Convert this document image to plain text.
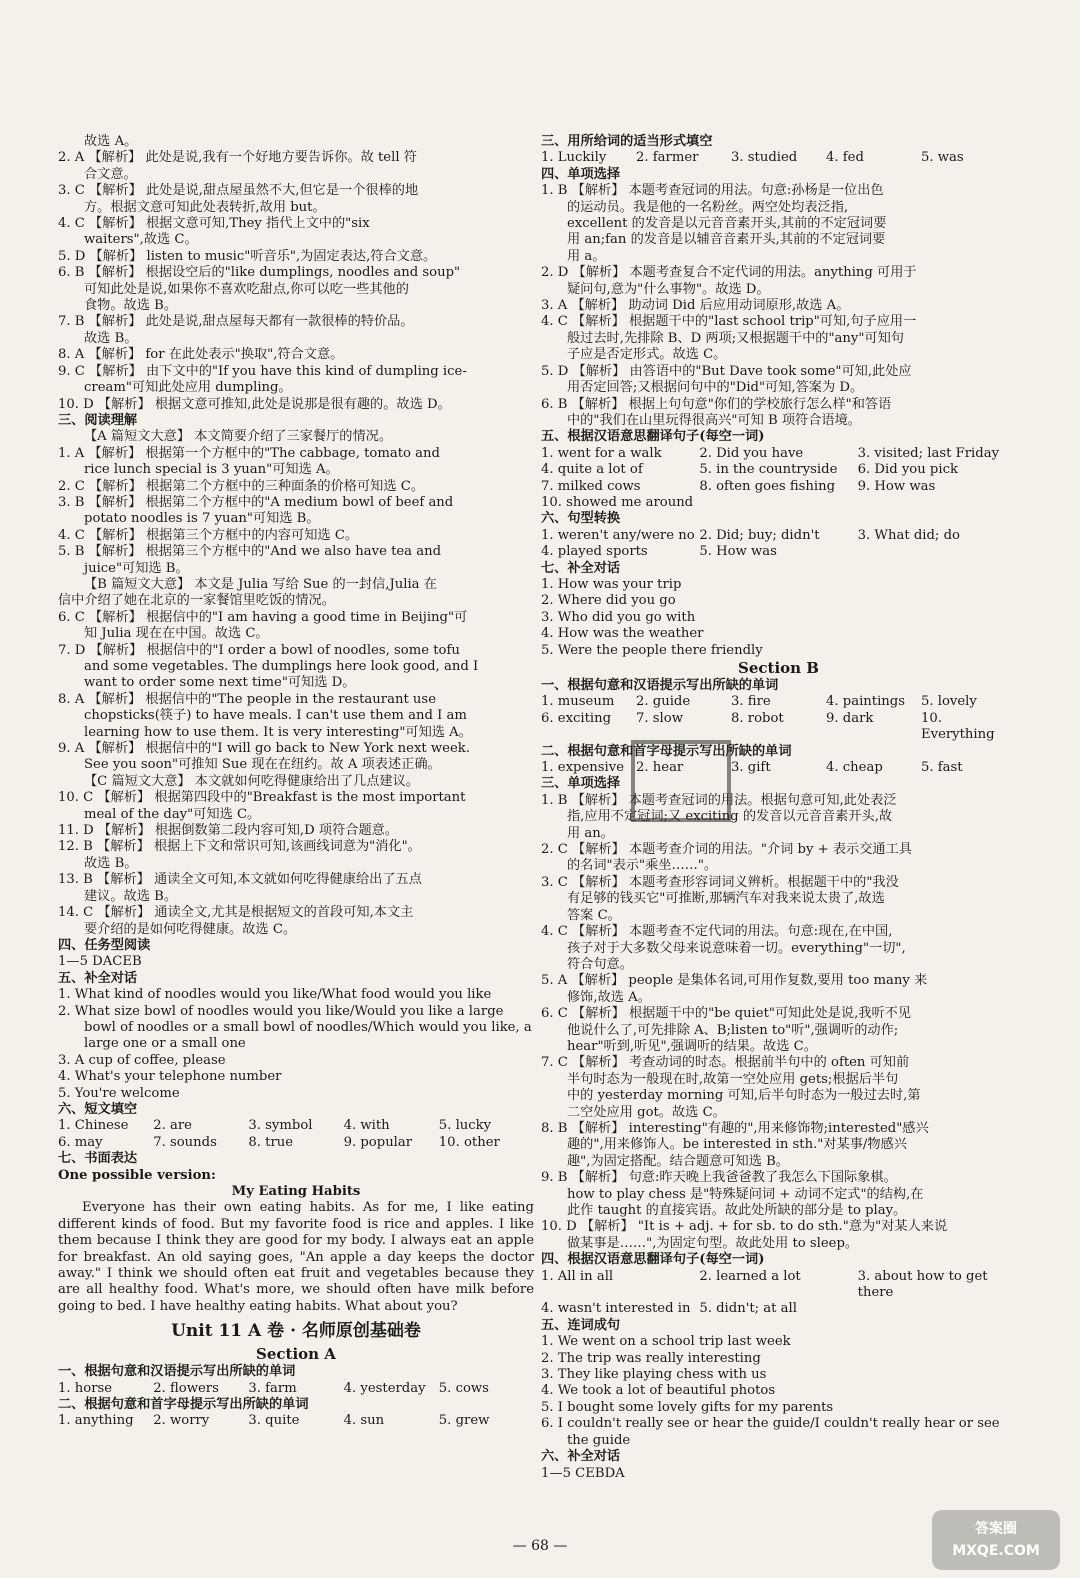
故选 A。
2. A 【解析】 此处是说,我有一个好地方要告诉你。故 tell 符
合文意。
3. C 【解析】 此处是说,甜点屋虽然不大,但它是一个很棒的地
方。根据文意可知此处表转折,故用 but。
4. C 【解析】 根据文意可知,They 指代上文中的"six
waiters",故选 C。
5. D 【解析】 listen to music"听音乐",为固定表达,符合文意。
6. B 【解析】 根据设空后的"like dumplings, noodles and soup"
可知此处是说,如果你不喜欢吃甜点,你可以吃一些其他的
食物。故选 B。
7. B 【解析】 此处是说,甜点屋每天都有一款很棒的特价品。
故选 B。
8. A 【解析】 for 在此处表示"换取",符合文意。
9. C 【解析】 由下文中的"If you have this kind of dumpling ice-
cream"可知此处应用 dumpling。
10. D 【解析】 根据文意可推知,此处是说那是很有趣的。故选 D。
三、阅读理解
【A 篇短文大意】 本文简要介绍了三家餐厅的情况。
1. A 【解析】 根据第一个方框中的"The cabbage, tomato and
rice lunch special is 3 yuan"可知选 A。
2. C 【解析】 根据第二个方框中的三种面条的价格可知选 C。
3. B 【解析】 根据第二个方框中的"A medium bowl of beef and
potato noodles is 7 yuan"可知选 B。
4. C 【解析】 根据第三个方框中的内容可知选 C。
5. B 【解析】 根据第三个方框中的"And we also have tea and
juice"可知选 B。
【B 篇短文大意】 本文是 Julia 写给 Sue 的一封信,Julia 在
信中介绍了她在北京的一家餐馆里吃饭的情况。
6. C 【解析】 根据信中的"I am having a good time in Beijing"可
知 Julia 现在在中国。故选 C。
7. D 【解析】 根据信中的"I order a bowl of noodles, some tofu
and some vegetables. The dumplings here look good, and I
want to order some next time"可知选 D。
8. A 【解析】 根据信中的"The people in the restaurant use
chopsticks(筷子) to have meals. I can't use them and I am
learning how to use them. It is very interesting"可知选 A。
9. A 【解析】 根据信中的"I will go back to New York next week.
See you soon"可推知 Sue 现在在纽约。故 A 项表述正确。
【C 篇短文大意】 本文就如何吃得健康给出了几点建议。
10. C 【解析】 根据第四段中的"Breakfast is the most important
meal of the day"可知选 C。
11. D 【解析】 根据倒数第二段内容可知,D 项符合题意。
12. B 【解析】 根据上下文和常识可知,该画线词意为"消化"。
故选 B。
13. B 【解析】 通读全文可知,本文就如何吃得健康给出了五点
建议。故选 B。
14. C 【解析】 通读全文,尤其是根据短文的首段可知,本文主
要介绍的是如何吃得健康。故选 C。
四、任务型阅读
1—5 DACEB
五、补全对话
1. What kind of noodles would you like/What food would you like
2. What size bowl of noodles would you like/Would you like a large
bowl of noodles or a small bowl of noodles/Which would you like, a
large one or a small one
3. A cup of coffee, please
4. What's your telephone number
5. You're welcome
六、短文填空
1. Chinese	2. are	3. symbol	4. with	5. lucky
6. may	7. sounds	8. true	9. popular	10. other
七、书面表达
One possible version:
My Eating Habits
Everyone has their own eating habits. As for me, I like eating different kinds of food. But my favorite food is rice and apples. I like them because I think they are good for my body. I always eat an apple for breakfast. An old saying goes, "An apple a day keeps the doctor away." I think we should often eat fruit and vegetables because they are all healthy food. What's more, we should often have milk before going to bed. I have healthy eating habits. What about you?
Unit 11 A 卷 · 名师原创基础卷
Section A
一、根据句意和汉语提示写出所缺的单词
1. horse	2. flowers	3. farm	4. yesterday	5. cows
二、根据句意和首字母提示写出所缺的单词
1. anything	2. worry	3. quite	4. sun	5. grew
三、用所给词的适当形式填空
1. Luckily	2. farmer	3. studied	4. fed	5. was
四、单项选择
1. B 【解析】 本题考查冠词的用法。句意:孙杨是一位出色
的运动员。我是他的一名粉丝。两空处均表泛指,
excellent 的发音是以元音音素开头,其前的不定冠词要
用 an;fan 的发音是以辅音音素开头,其前的不定冠词要
用 a。
2. D 【解析】 本题考查复合不定代词的用法。anything 可用于
疑问句,意为"什么事物"。故选 D。
3. A 【解析】 助动词 Did 后应用动词原形,故选 A。
4. C 【解析】 根据题干中的"last school trip"可知,句子应用一
般过去时,先排除 B、D 两项;又根据题干中的"any"可知句
子应是否定形式。故选 C。
5. D 【解析】 由答语中的"But Dave took some"可知,此处应
用否定回答;又根据问句中的"Did"可知,答案为 D。
6. B 【解析】 根据上句句意"你们的学校旅行怎么样"和答语
中的"我们在山里玩得很高兴"可知 B 项符合语境。
五、根据汉语意思翻译句子(每空一词)
1. went for a walk	2. Did you have	3. visited; last Friday
4. quite a lot of	5. in the countryside	6. Did you pick
7. milked cows	8. often goes fishing	9. How was
10. showed me around
六、句型转换
1. weren't any/were no 2. Did; buy; didn't	3. What did; do
4. played sports	5. How was
七、补全对话
1. How was your trip
2. Where did you go
3. Who did you go with
4. How was the weather
5. Were the people there friendly
Section B
一、根据句意和汉语提示写出所缺的单词
1. museum	2. guide	3. fire	4. paintings	5. lovely
6. exciting	7. slow	8. robot	9. dark	10. Everything
二、根据句意和首字母提示写出所缺的单词
1. expensive 2. hear	3. gift	4. cheap	5. fast
三、单项选择
1. B 【解析】 本题考查冠词的用法。根据句意可知,此处表泛
指,应用不定冠词;又 exciting 的发音以元音音素开头,故
用 an。
2. C 【解析】 本题考查介词的用法。"介词 by + 表示交通工具
的名词"表示"乘坐……"。
3. C 【解析】 本题考查形容词词义辨析。根据题干中的"我没
有足够的钱买它"可推断,那辆汽车对我来说太贵了,故选
答案 C。
4. C 【解析】 本题考查不定代词的用法。句意:现在,在中国,
孩子对于大多数父母来说意味着一切。everything"一切",
符合句意。
5. A 【解析】 people 是集体名词,可用作复数,要用 too many 来
修饰,故选 A。
6. C 【解析】 根据题干中的"be quiet"可知此处是说,我听不见
他说什么了,可先排除 A、B;listen to"听",强调听的动作;
hear"听到,听见",强调听的结果。故选 C。
7. C 【解析】 考查动词的时态。根据前半句中的 often 可知前
半句时态为一般现在时,故第一空处应用 gets;根据后半句
中的 yesterday morning 可知,后半句时态为一般过去时,第
二空处应用 got。故选 C。
8. B 【解析】 interesting"有趣的",用来修饰物;interested"感兴
趣的",用来修饰人。be interested in sth."对某事/物感兴
趣",为固定搭配。结合题意可知选 B。
9. B 【解析】 句意:昨天晚上我爸爸教了我怎么下国际象棋。
how to play chess 是"特殊疑问词 + 动词不定式"的结构,在
此作 taught 的直接宾语。故此处所缺的部分是 to play。
10. D 【解析】 "It is + adj. + for sb. to do sth."意为"对某人来说
做某事是……",为固定句型。故此处用 to sleep。
四、根据汉语意思翻译句子(每空一词)
1. All in all	2. learned a lot	3. about how to get there
4. wasn't interested in 5. didn't; at all
五、连词成句
1. We went on a school trip last week
2. The trip was really interesting
3. They like playing chess with us
4. We took a lot of beautiful photos
5. I bought some lovely gifts for my parents
6. I couldn't really see or hear the guide/I couldn't really hear or see
the guide
六、补全对话
1—5 CEBDA
— 68 —
答案圈
MXQE.COM
